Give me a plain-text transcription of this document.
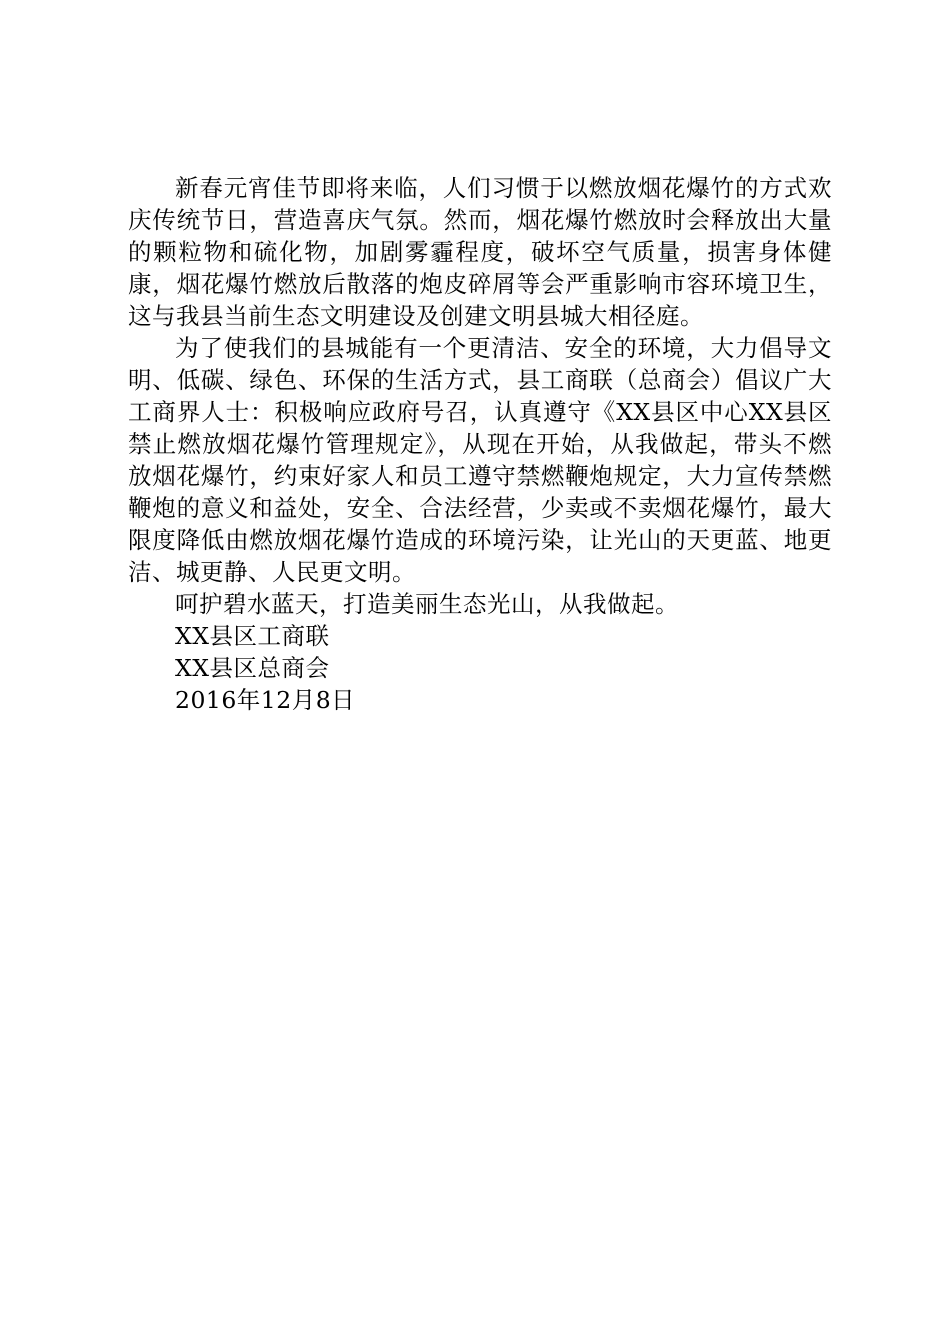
新春元宵佳节即将来临，人们习惯于以燃放烟花爆竹的方式欢庆传统节日，营造喜庆气氛。然而，烟花爆竹燃放时会释放出大量的颗粒物和硫化物，加剧雾霾程度，破坏空气质量，损害身体健康，烟花爆竹燃放后散落的炮皮碎屑等会严重影响市容环境卫生，这与我县当前生态文明建设及创建文明县城大相径庭。

为了使我们的县城能有一个更清洁、安全的环境，大力倡导文明、低碳、绿色、环保的生活方式，县工商联（总商会）倡议广大工商界人士：积极响应政府号召，认真遵守《XX县区中心XX县区禁止燃放烟花爆竹管理规定》，从现在开始，从我做起，带头不燃放烟花爆竹，约束好家人和员工遵守禁燃鞭炮规定，大力宣传禁燃鞭炮的意义和益处，安全、合法经营，少卖或不卖烟花爆竹，最大限度降低由燃放烟花爆竹造成的环境污染，让光山的天更蓝、地更洁、城更静、人民更文明。

呵护碧水蓝天，打造美丽生态光山，从我做起。

XX县区工商联

XX县区总商会

2016年12月8日
